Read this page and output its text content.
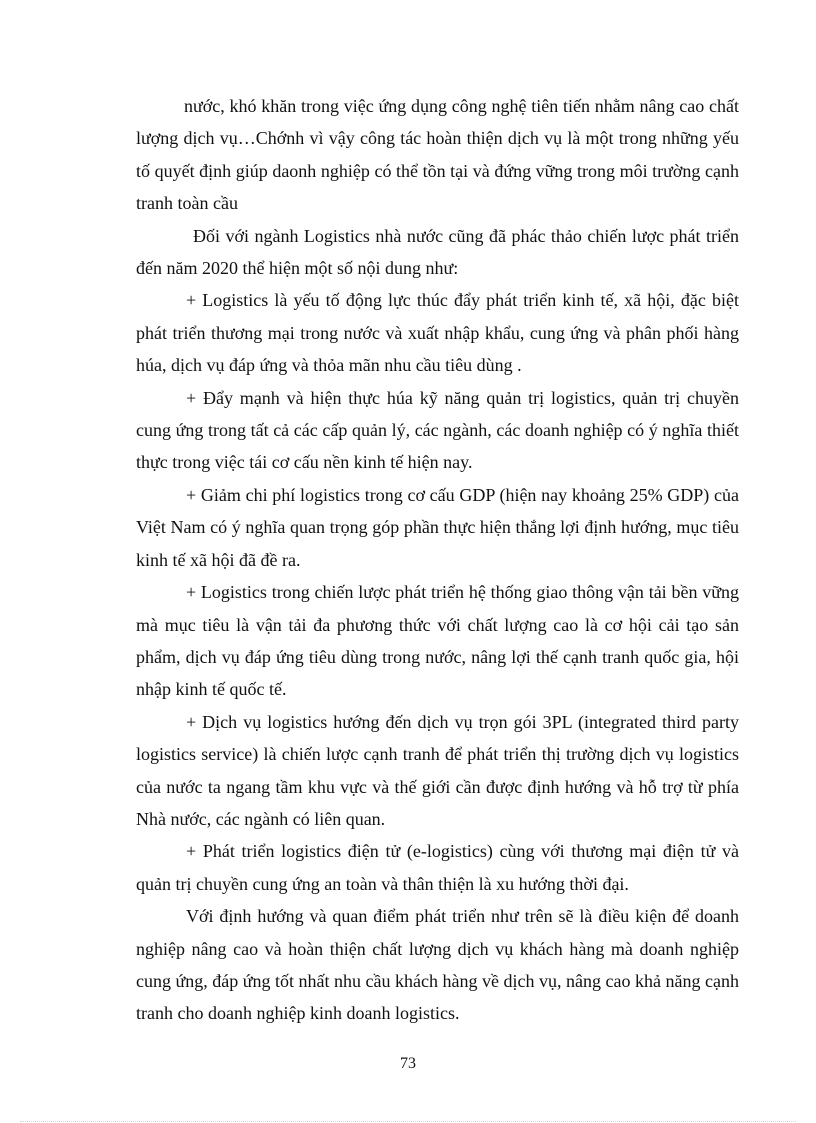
nước, khó khăn trong việc ứng dụng công nghệ tiên tiến nhằm nâng cao chất lượng dịch vụ…Chớnh vì vậy công tác hoàn thiện dịch vụ là một trong những yếu tố quyết định giúp daonh nghiệp có thể tồn tại và đứng vững trong môi trường cạnh tranh toàn cầu

Đối với ngành Logistics nhà nước cũng đã phác thảo chiến lược phát triển đến năm 2020 thể hiện một số nội dung như:

+ Logistics là yếu tố động lực thúc đẩy phát triển kinh tế, xã hội, đặc biệt phát triển thương mại trong nước và xuất nhập khẩu, cung ứng và phân phối hàng húa, dịch vụ đáp ứng và thỏa mãn nhu cầu tiêu dùng .

+ Đẩy mạnh và hiện thực húa kỹ năng quản trị logistics, quản trị chuyền cung ứng trong tất cả các cấp quản lý, các ngành, các doanh nghiệp có ý nghĩa thiết thực trong việc tái cơ cấu nền kinh tế hiện nay.

+ Giảm chi phí logistics trong cơ cấu GDP (hiện nay khoảng 25% GDP) của Việt Nam có ý nghĩa quan trọng góp phần thực hiện thắng lợi định hướng, mục tiêu kinh tế xã hội đã đề ra.

+ Logistics trong chiến lược phát triển hệ thống giao thông vận tải bền vững mà mục tiêu là vận tải đa phương thức với chất lượng cao là cơ hội cải tạo sản phẩm, dịch vụ đáp ứng tiêu dùng trong nước, nâng lợi thế cạnh tranh quốc gia, hội nhập kinh tế quốc tế.

+ Dịch vụ logistics hướng đến dịch vụ trọn gói 3PL (integrated third party logistics service) là chiến lược cạnh tranh để phát triển thị trường dịch vụ logistics của nước ta ngang tầm khu vực và thế giới cần được định hướng và hỗ trợ từ phía Nhà nước, các ngành có liên quan.

+ Phát triển logistics điện tử (e-logistics) cùng với thương mại điện tử và quản trị chuyền cung ứng an toàn và thân thiện là xu hướng thời đại.

Với định hướng và quan điểm phát triển như trên sẽ là điều kiện để doanh nghiệp nâng cao và hoàn thiện chất lượng dịch vụ khách hàng mà doanh nghiệp cung ứng, đáp ứng tốt nhất nhu cầu khách hàng về dịch vụ, nâng cao khả năng cạnh tranh cho doanh nghiệp kinh doanh logistics.

73
